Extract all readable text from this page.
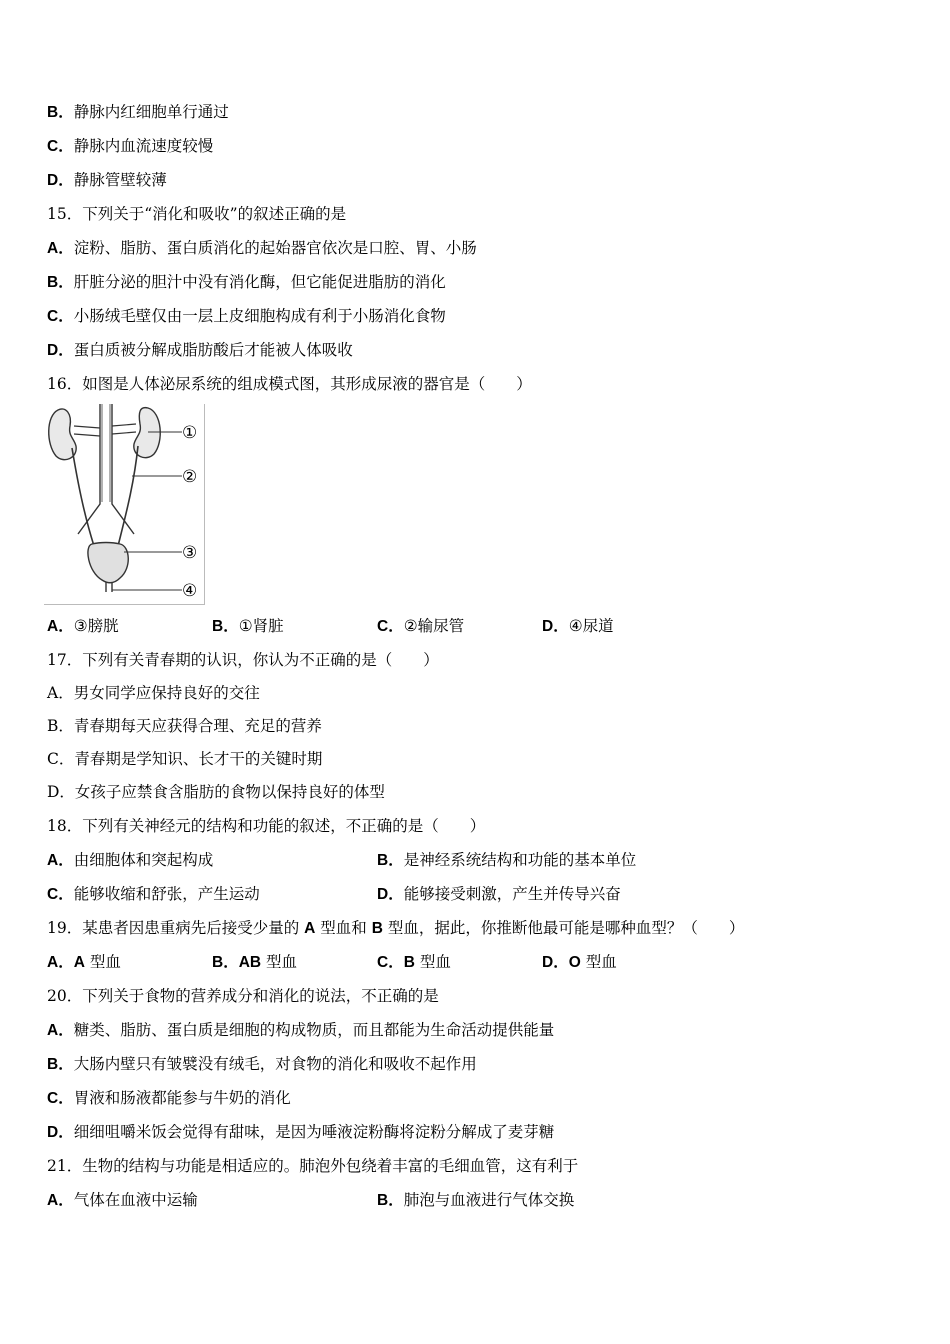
B．静脉内红细胞单行通过
C．静脉内血流速度较慢
D．静脉管壁较薄
15．下列关于“消化和吸收”的叙述正确的是
A．淀粉、脂肪、蛋白质消化的起始器官依次是口腔、胃、小肠
B．肝脏分泌的胆汁中没有消化酶，但它能促进脂肪的消化
C．小肠绒毛壁仅由一层上皮细胞构成有利于小肠消化食物
D．蛋白质被分解成脂肪酸后才能被人体吸收
16．如图是人体泌尿系统的组成模式图，其形成尿液的器官是（　　）
①
②
③
④
A．③膀胱	B．①肾脏	C．②输尿管	D．④尿道
17．下列有关青春期的认识，你认为不正确的是（　　）
A．男女同学应保持良好的交往
B．青春期每天应获得合理、充足的营养
C．青春期是学知识、长才干的关键时期
D．女孩子应禁食含脂肪的食物以保持良好的体型
18．下列有关神经元的结构和功能的叙述，不正确的是（　　）
A．由细胞体和突起构成	B．是神经系统结构和功能的基本单位
C．能够收缩和舒张，产生运动	D．能够接受刺激，产生并传导兴奋
19．某患者因患重病先后接受少量的 A 型血和 B 型血，据此，你推断他最可能是哪种血型？（　　）
A．A 型血	B．AB 型血	C．B 型血	D．O 型血
20．下列关于食物的营养成分和消化的说法，不正确的是
A．糖类、脂肪、蛋白质是细胞的构成物质，而且都能为生命活动提供能量
B．大肠内壁只有皱襞没有绒毛，对食物的消化和吸收不起作用
C．胃液和肠液都能参与牛奶的消化
D．细细咀嚼米饭会觉得有甜味，是因为唾液淀粉酶将淀粉分解成了麦芽糖
21．生物的结构与功能是相适应的。肺泡外包绕着丰富的毛细血管，这有利于
A．气体在血液中运输	B．肺泡与血液进行气体交换
